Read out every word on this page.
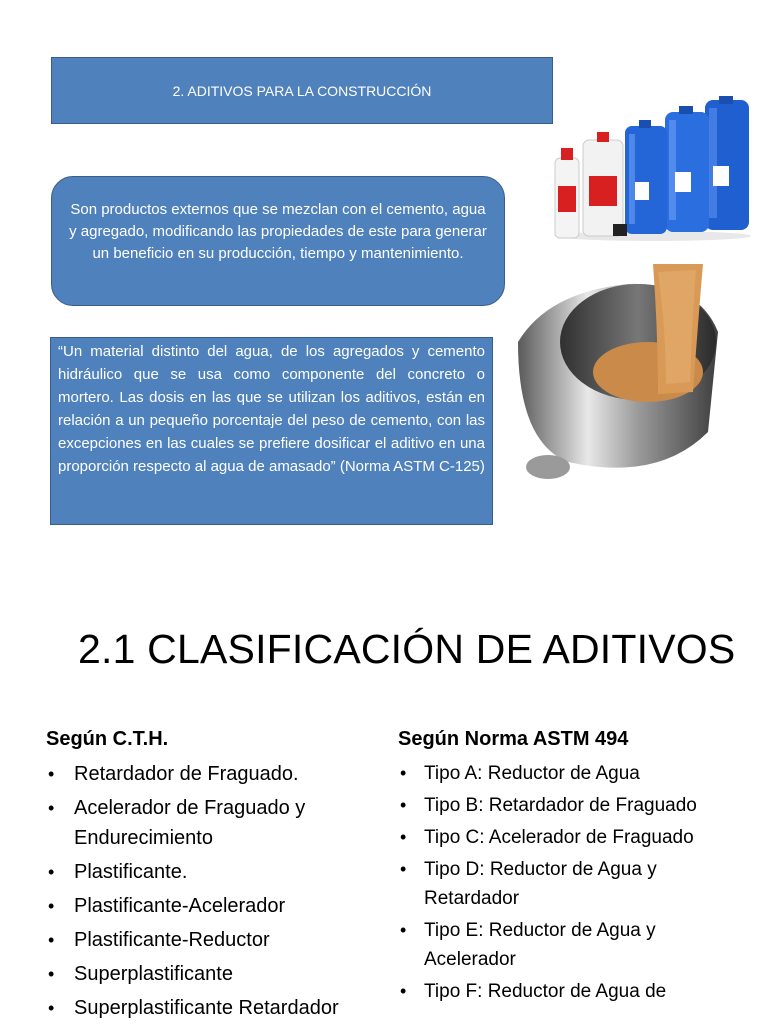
2. ADITIVOS PARA LA CONSTRUCCIÓN
Son productos externos que se mezclan con el cemento, agua y agregado, modificando las propiedades de este para generar un beneficio en su producción, tiempo y mantenimiento.
“Un material distinto del agua, de los agregados y cemento hidráulico que se usa como componente del concreto o mortero. Las dosis en las que se utilizan los aditivos, están en relación a un pequeño porcentaje del peso de cemento, con las excepciones en las cuales se prefiere dosificar el aditivo en una proporción respecto al agua de amasado” (Norma ASTM C-125)
2.1 CLASIFICACIÓN DE ADITIVOS
Según C.T.H.
• Retardador de Fraguado.
• Acelerador de Fraguado y Endurecimiento
• Plastificante.
• Plastificante-Acelerador
• Plastificante-Reductor
• Superplastificante
• Superplastificante Retardador
Según Norma ASTM 494
• Tipo A: Reductor de Agua
• Tipo B: Retardador de Fraguado
• Tipo C: Acelerador de Fraguado
• Tipo D: Reductor de Agua y Retardador
• Tipo E: Reductor de Agua y Acelerador
• Tipo F: Reductor de Agua de
